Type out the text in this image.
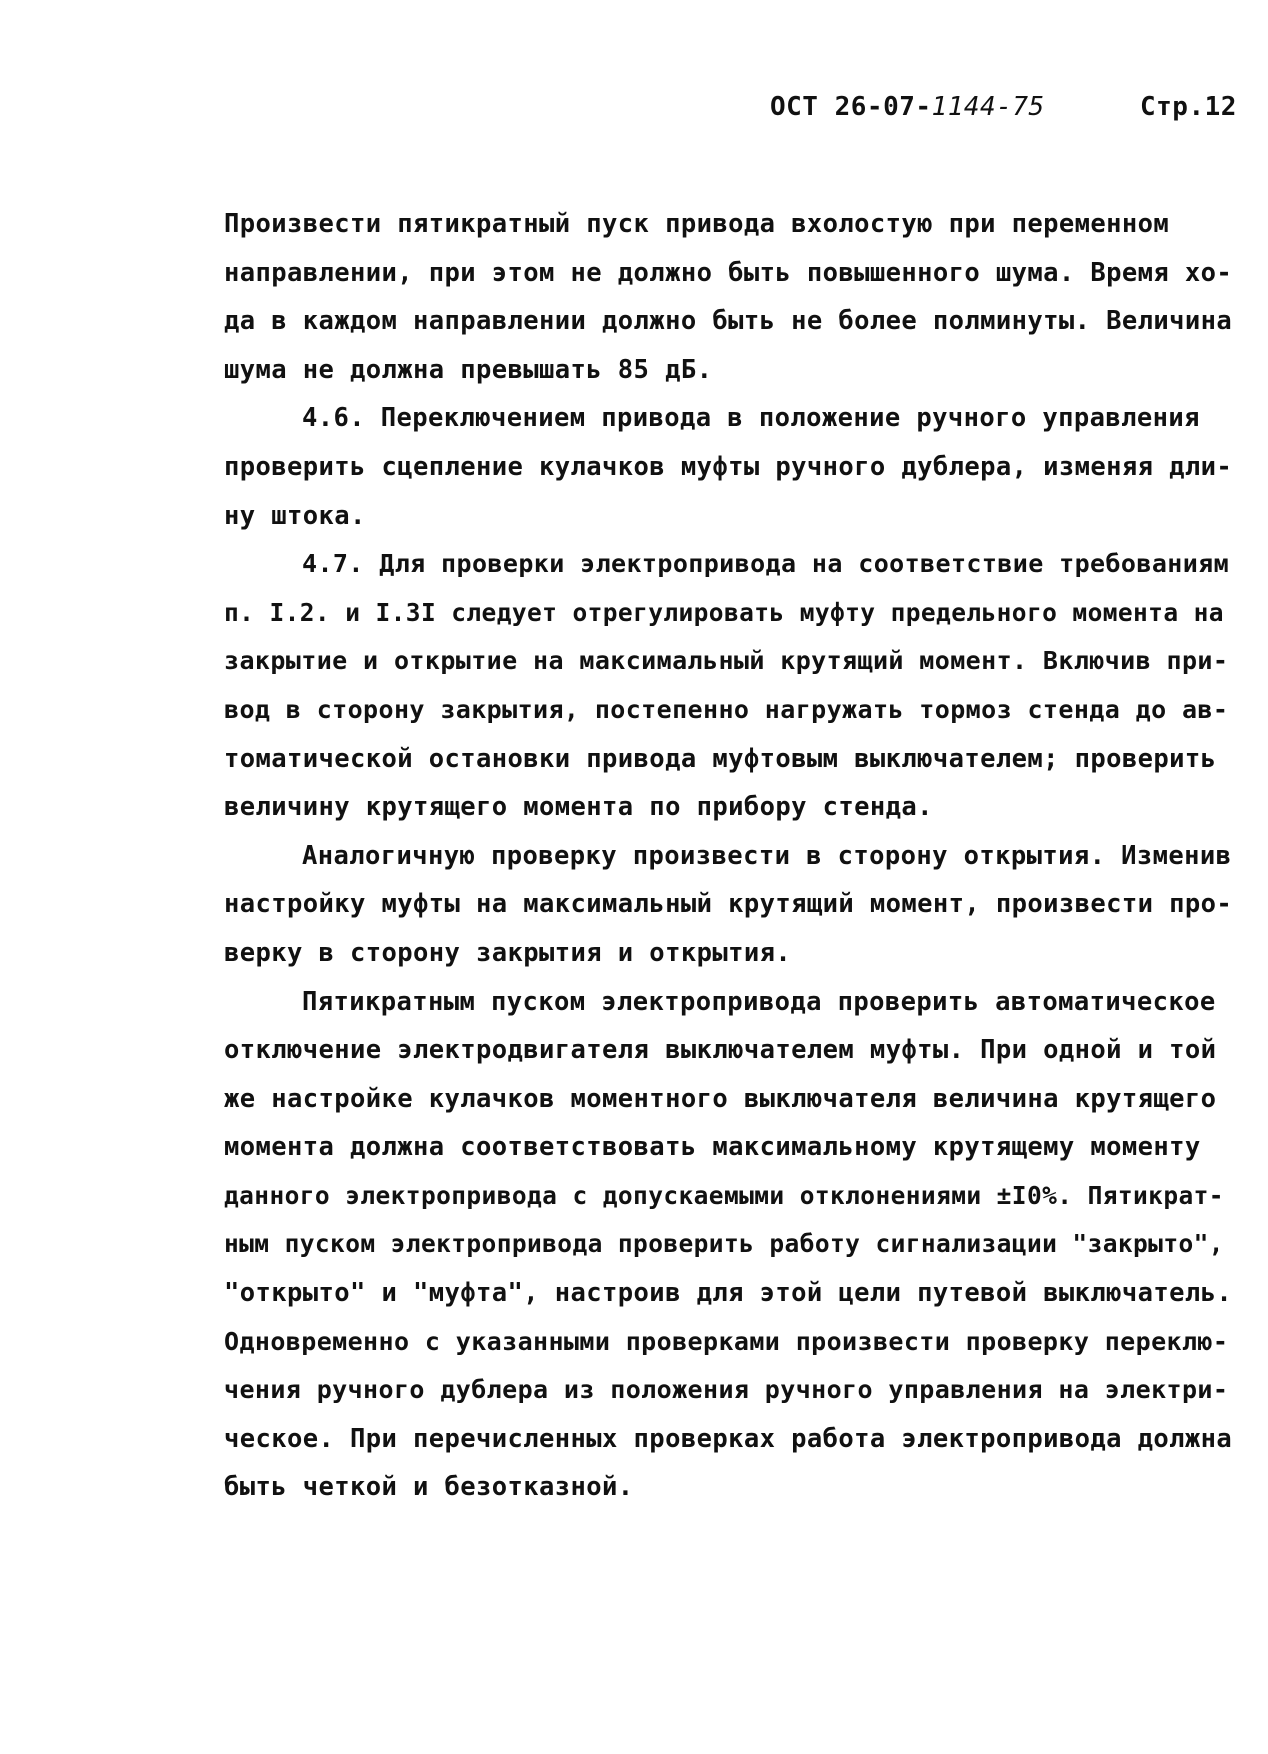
ОСТ 26-07-1144-75	Стр.12
Произвести пятикратный пуск привода вхолостую при переменном
направлении, при этом не должно быть повышенного шума. Время хо-
да в каждом направлении должно быть не более полминуты. Величина
шума не должна превышать 85 дБ.
4.6. Переключением привода в положение ручного управления
проверить сцепление кулачков муфты ручного дублера, изменяя дли-
ну штока.
4.7. Для проверки электропривода на соответствие требованиям
п. I.2. и I.3I следует отрегулировать муфту предельного момента на
закрытие и открытие на максимальный крутящий момент. Включив при-
вод в сторону закрытия, постепенно нагружать тормоз стенда до ав-
томатической остановки привода муфтовым выключателем; проверить
величину крутящего момента по прибору стенда.
Аналогичную проверку произвести в сторону открытия. Изменив
настройку муфты на максимальный крутящий момент, произвести про-
верку в сторону закрытия и открытия.
Пятикратным пуском электропривода проверить автоматическое
отключение электродвигателя выключателем муфты. При одной и той
же настройке кулачков моментного выключателя величина крутящего
момента должна соответствовать максимальному крутящему моменту
данного электропривода с допускаемыми отклонениями ±I0%. Пятикрат-
ным пуском электропривода проверить работу сигнализации "закрыто",
"открыто" и "муфта", настроив для этой цели путевой выключатель.
Одновременно с указанными проверками произвести проверку переклю-
чения ручного дублера из положения ручного управления на электри-
ческое. При перечисленных проверках работа электропривода должна
быть четкой и безотказной.
